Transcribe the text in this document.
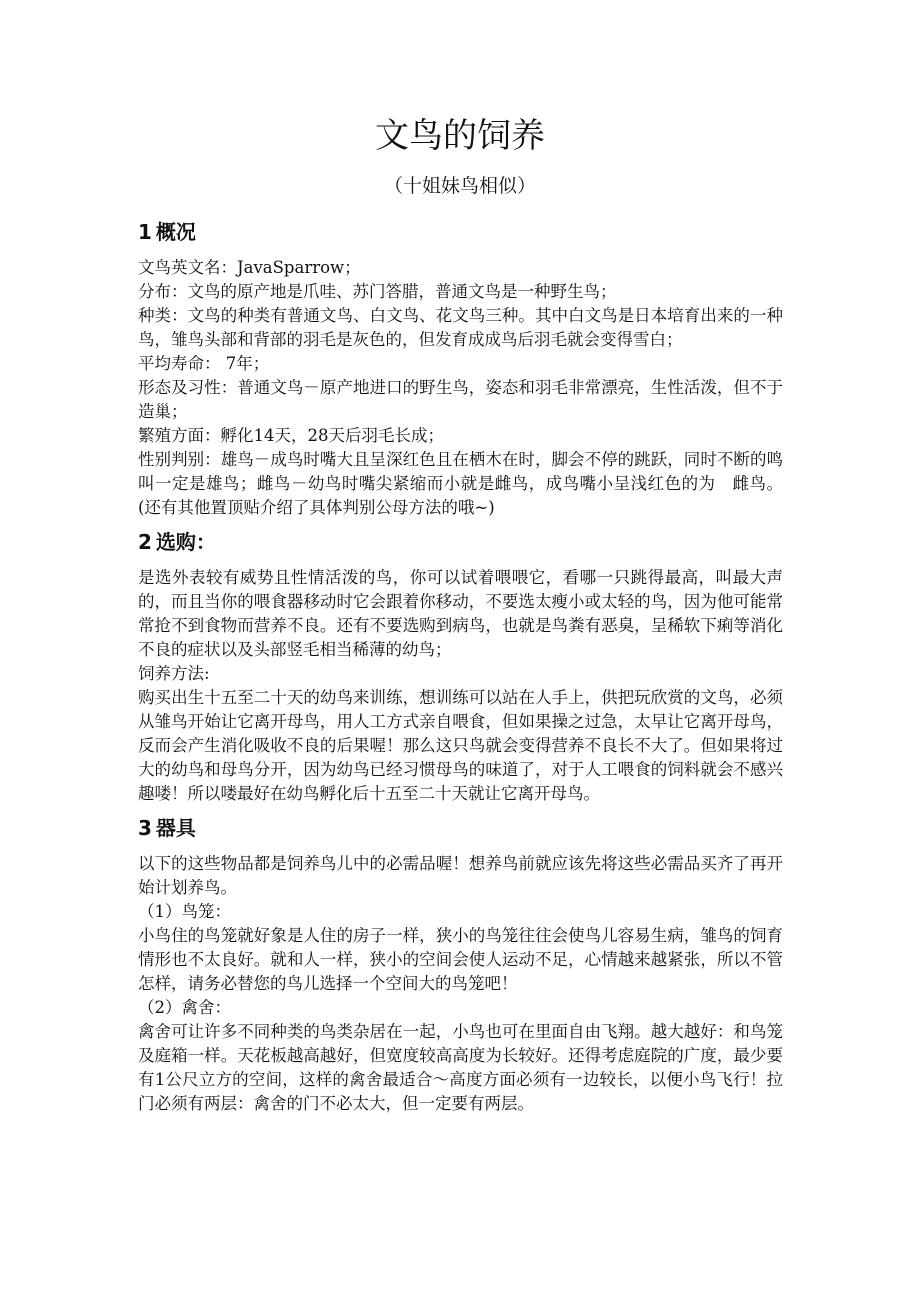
文鸟的饲养
（十姐妹鸟相似）
1 概况

文鸟英文名：JavaSparrow；

分布：文鸟的原产地是爪哇、苏门答腊，普通文鸟是一种野生鸟；

种类：文鸟的种类有普通文鸟、白文鸟、花文鸟三种。其中白文鸟是日本培育出来的一种鸟，雏鸟头部和背部的羽毛是灰色的，但发育成成鸟后羽毛就会变得雪白；

平均寿命： 7年；

形态及习性：普通文鸟－原产地进口的野生鸟，姿态和羽毛非常漂亮，生性活泼，但不于造巢；

繁殖方面：孵化14天，28天后羽毛长成；

性别判别：雄鸟－成鸟时嘴大且呈深红色且在栖木在时，脚会不停的跳跃，同时不断的鸣叫一定是雄鸟；雌鸟－幼鸟时嘴尖紧缩而小就是雌鸟，成鸟嘴小呈浅红色的为　雌鸟。(还有其他置顶贴介绍了具体判别公母方法的哦~)

2 选购：

是选外表较有威势且性情活泼的鸟，你可以试着喂喂它，看哪一只跳得最高，叫最大声的，而且当你的喂食器移动时它会跟着你移动，不要选太瘦小或太轻的鸟，因为他可能常常抢不到食物而营养不良。还有不要选购到病鸟，也就是鸟粪有恶臭，呈稀软下痢等消化不良的症状以及头部竖毛相当稀薄的幼鸟；

饲养方法:

购买出生十五至二十天的幼鸟来训练，想训练可以站在人手上，供把玩欣赏的文鸟，必须从雏鸟开始让它离开母鸟，用人工方式亲自喂食，但如果操之过急，太早让它离开母鸟，反而会产生消化吸收不良的后果喔！那么这只鸟就会变得营养不良长不大了。但如果将过大的幼鸟和母鸟分开，因为幼鸟已经习惯母鸟的味道了，对于人工喂食的饲料就会不感兴趣喽！所以喽最好在幼鸟孵化后十五至二十天就让它离开母鸟。

3 器具

以下的这些物品都是饲养鸟儿中的必需品喔！想养鸟前就应该先将这些必需品买齐了再开始计划养鸟。

（1）鸟笼：

小鸟住的鸟笼就好象是人住的房子一样，狭小的鸟笼往往会使鸟儿容易生病，雏鸟的饲育情形也不太良好。就和人一样，狭小的空间会使人运动不足，心情越来越紧张，所以不管怎样，请务必替您的鸟儿选择一个空间大的鸟笼吧！

（2）禽舍：

禽舍可让许多不同种类的鸟类杂居在一起，小鸟也可在里面自由飞翔。越大越好：和鸟笼及庭箱一样。天花板越高越好，但宽度较高高度为长较好。还得考虑庭院的广度，最少要有1公尺立方的空间，这样的禽舍最适合～高度方面必须有一边较长，以便小鸟飞行！拉门必须有两层：禽舍的门不必太大，但一定要有两层。
